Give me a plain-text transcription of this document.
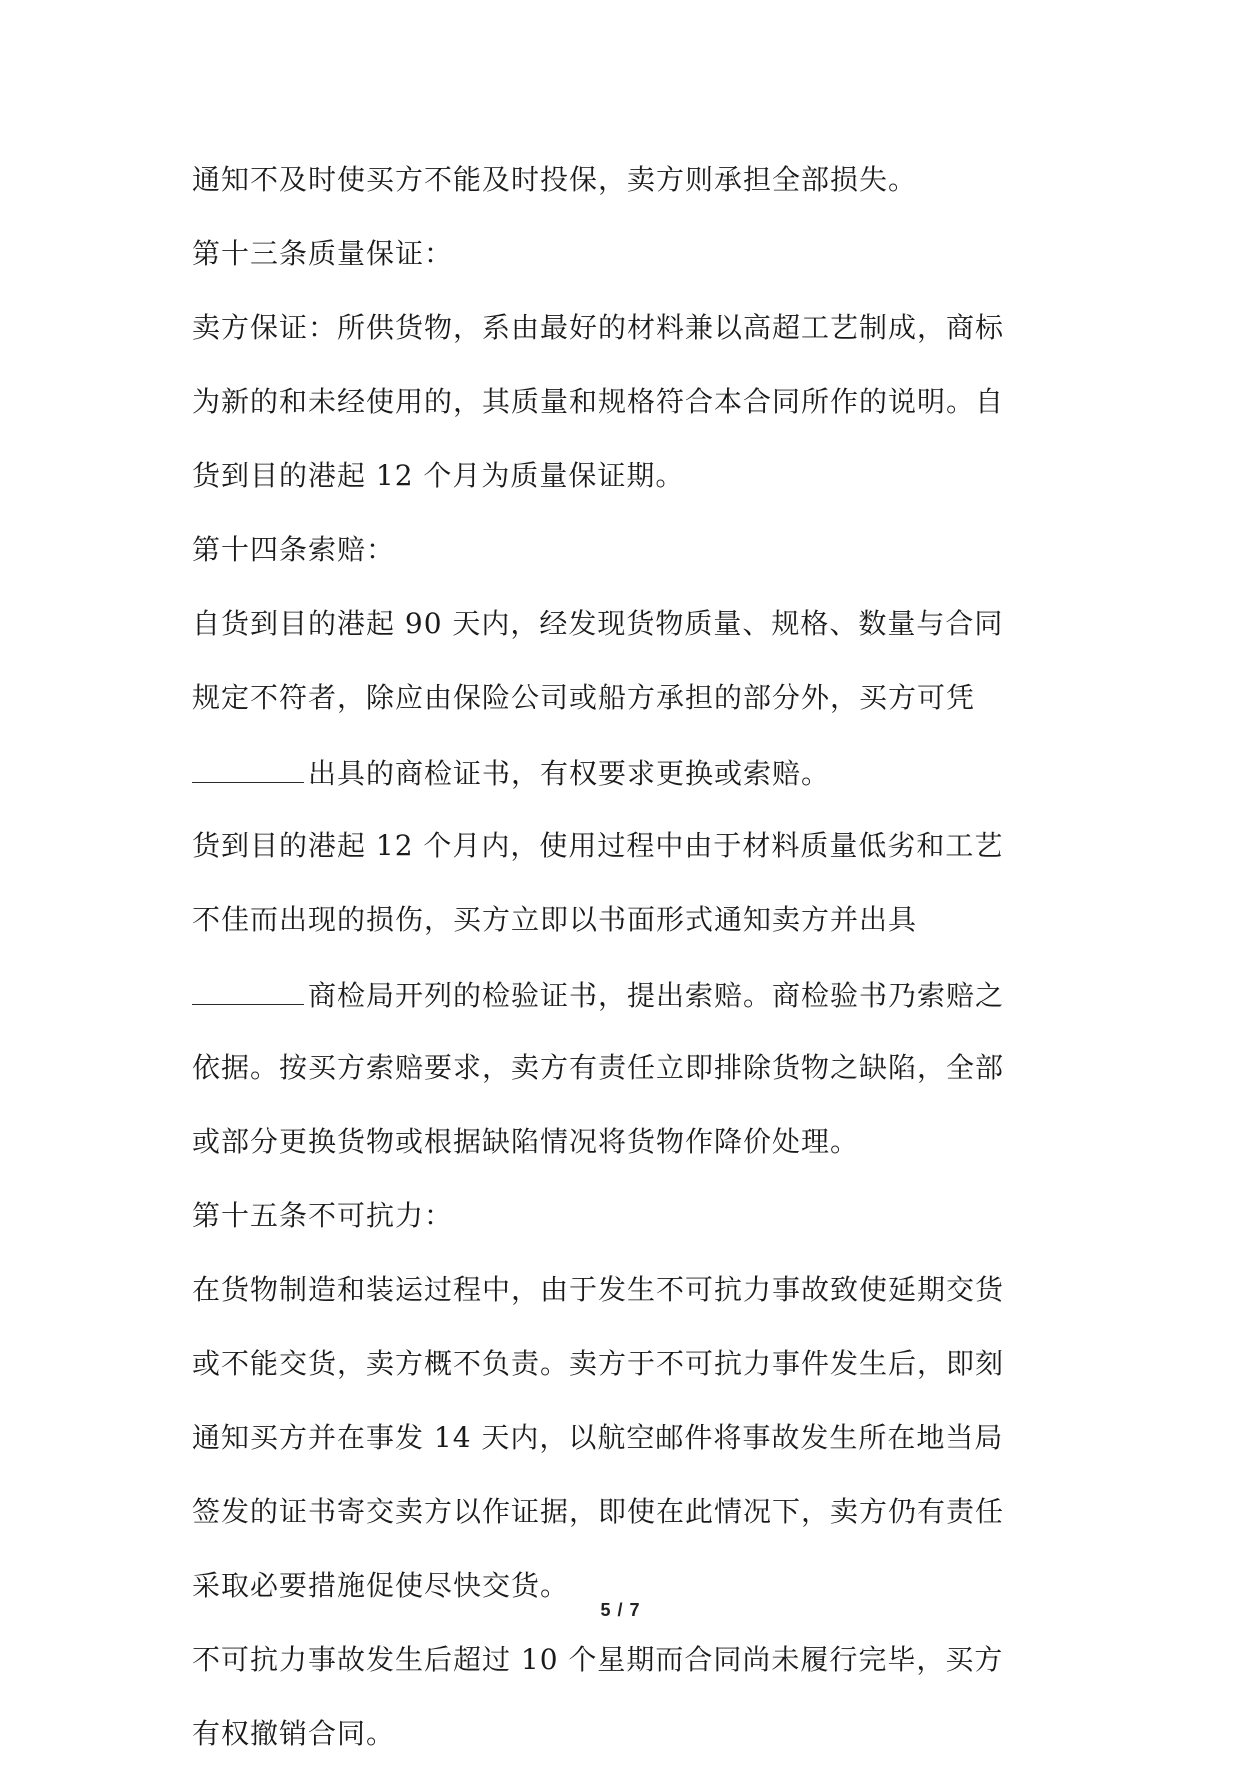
通知不及时使买方不能及时投保，卖方则承担全部损失。
第十三条质量保证：
卖方保证：所供货物，系由最好的材料兼以高超工艺制成，商标
为新的和未经使用的，其质量和规格符合本合同所作的说明。自
货到目的港起 12 个月为质量保证期。
第十四条索赔：
自货到目的港起 90 天内，经发现货物质量、规格、数量与合同
规定不符者，除应由保险公司或船方承担的部分外，买方可凭
出具的商检证书，有权要求更换或索赔。
货到目的港起 12 个月内，使用过程中由于材料质量低劣和工艺
不佳而出现的损伤，买方立即以书面形式通知卖方并出具
商检局开列的检验证书，提出索赔。商检验书乃索赔之
依据。按买方索赔要求，卖方有责任立即排除货物之缺陷，全部
或部分更换货物或根据缺陷情况将货物作降价处理。
第十五条不可抗力：
在货物制造和装运过程中，由于发生不可抗力事故致使延期交货
或不能交货，卖方概不负责。卖方于不可抗力事件发生后，即刻
通知买方并在事发 14 天内，以航空邮件将事故发生所在地当局
签发的证书寄交卖方以作证据，即使在此情况下，卖方仍有责任
采取必要措施促使尽快交货。
不可抗力事故发生后超过 10 个星期而合同尚未履行完毕，买方
有权撤销合同。
5 / 7
